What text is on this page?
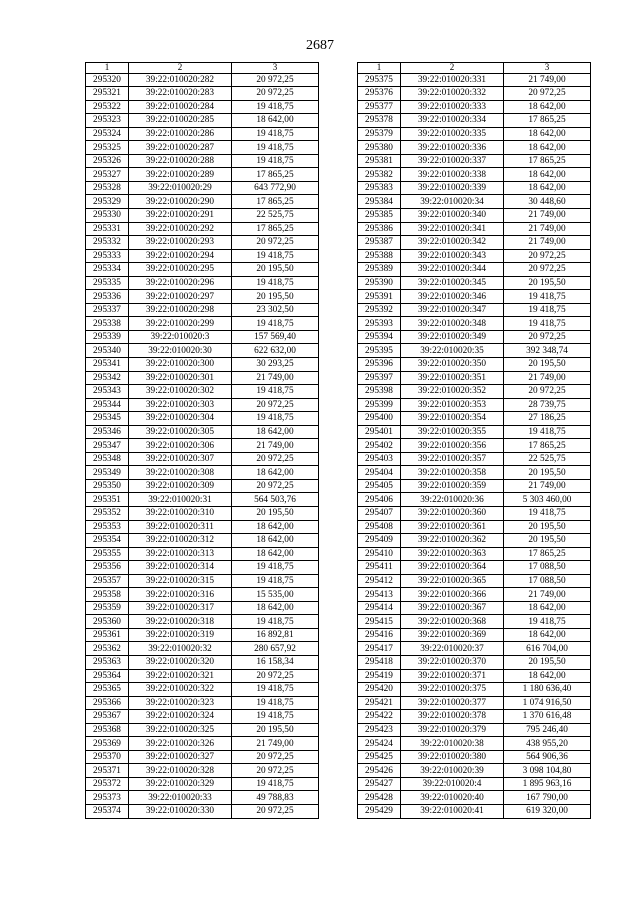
2687
1	2	3
295320	39:22:010020:282	20 972,25
295321	39:22:010020:283	20 972,25
295322	39:22:010020:284	19 418,75
295323	39:22:010020:285	18 642,00
295324	39:22:010020:286	19 418,75
295325	39:22:010020:287	19 418,75
295326	39:22:010020:288	19 418,75
295327	39:22:010020:289	17 865,25
295328	39:22:010020:29	643 772,90
295329	39:22:010020:290	17 865,25
295330	39:22:010020:291	22 525,75
295331	39:22:010020:292	17 865,25
295332	39:22:010020:293	20 972,25
295333	39:22:010020:294	19 418,75
295334	39:22:010020:295	20 195,50
295335	39:22:010020:296	19 418,75
295336	39:22:010020:297	20 195,50
295337	39:22:010020:298	23 302,50
295338	39:22:010020:299	19 418,75
295339	39:22:010020:3	157 569,40
295340	39:22:010020:30	622 632,00
295341	39:22:010020:300	30 293,25
295342	39:22:010020:301	21 749,00
295343	39:22:010020:302	19 418,75
295344	39:22:010020:303	20 972,25
295345	39:22:010020:304	19 418,75
295346	39:22:010020:305	18 642,00
295347	39:22:010020:306	21 749,00
295348	39:22:010020:307	20 972,25
295349	39:22:010020:308	18 642,00
295350	39:22:010020:309	20 972,25
295351	39:22:010020:31	564 503,76
295352	39:22:010020:310	20 195,50
295353	39:22:010020:311	18 642,00
295354	39:22:010020:312	18 642,00
295355	39:22:010020:313	18 642,00
295356	39:22:010020:314	19 418,75
295357	39:22:010020:315	19 418,75
295358	39:22:010020:316	15 535,00
295359	39:22:010020:317	18 642,00
295360	39:22:010020:318	19 418,75
295361	39:22:010020:319	16 892,81
295362	39:22:010020:32	280 657,92
295363	39:22:010020:320	16 158,34
295364	39:22:010020:321	20 972,25
295365	39:22:010020:322	19 418,75
295366	39:22:010020:323	19 418,75
295367	39:22:010020:324	19 418,75
295368	39:22:010020:325	20 195,50
295369	39:22:010020:326	21 749,00
295370	39:22:010020:327	20 972,25
295371	39:22:010020:328	20 972,25
295372	39:22:010020:329	19 418,75
295373	39:22:010020:33	49 788,83
295374	39:22:010020:330	20 972,25
1	2	3
295375	39:22:010020:331	21 749,00
295376	39:22:010020:332	20 972,25
295377	39:22:010020:333	18 642,00
295378	39:22:010020:334	17 865,25
295379	39:22:010020:335	18 642,00
295380	39:22:010020:336	18 642,00
295381	39:22:010020:337	17 865,25
295382	39:22:010020:338	18 642,00
295383	39:22:010020:339	18 642,00
295384	39:22:010020:34	30 448,60
295385	39:22:010020:340	21 749,00
295386	39:22:010020:341	21 749,00
295387	39:22:010020:342	21 749,00
295388	39:22:010020:343	20 972,25
295389	39:22:010020:344	20 972,25
295390	39:22:010020:345	20 195,50
295391	39:22:010020:346	19 418,75
295392	39:22:010020:347	19 418,75
295393	39:22:010020:348	19 418,75
295394	39:22:010020:349	20 972,25
295395	39:22:010020:35	392 348,74
295396	39:22:010020:350	20 195,50
295397	39:22:010020:351	21 749,00
295398	39:22:010020:352	20 972,25
295399	39:22:010020:353	28 739,75
295400	39:22:010020:354	27 186,25
295401	39:22:010020:355	19 418,75
295402	39:22:010020:356	17 865,25
295403	39:22:010020:357	22 525,75
295404	39:22:010020:358	20 195,50
295405	39:22:010020:359	21 749,00
295406	39:22:010020:36	5 303 460,00
295407	39:22:010020:360	19 418,75
295408	39:22:010020:361	20 195,50
295409	39:22:010020:362	20 195,50
295410	39:22:010020:363	17 865,25
295411	39:22:010020:364	17 088,50
295412	39:22:010020:365	17 088,50
295413	39:22:010020:366	21 749,00
295414	39:22:010020:367	18 642,00
295415	39:22:010020:368	19 418,75
295416	39:22:010020:369	18 642,00
295417	39:22:010020:37	616 704,00
295418	39:22:010020:370	20 195,50
295419	39:22:010020:371	18 642,00
295420	39:22:010020:375	1 180 636,40
295421	39:22:010020:377	1 074 916,50
295422	39:22:010020:378	1 370 616,48
295423	39:22:010020:379	795 246,40
295424	39:22:010020:38	438 955,20
295425	39:22:010020:380	564 906,36
295426	39:22:010020:39	3 098 104,80
295427	39:22:010020:4	1 895 963,16
295428	39:22:010020:40	167 790,00
295429	39:22:010020:41	619 320,00
